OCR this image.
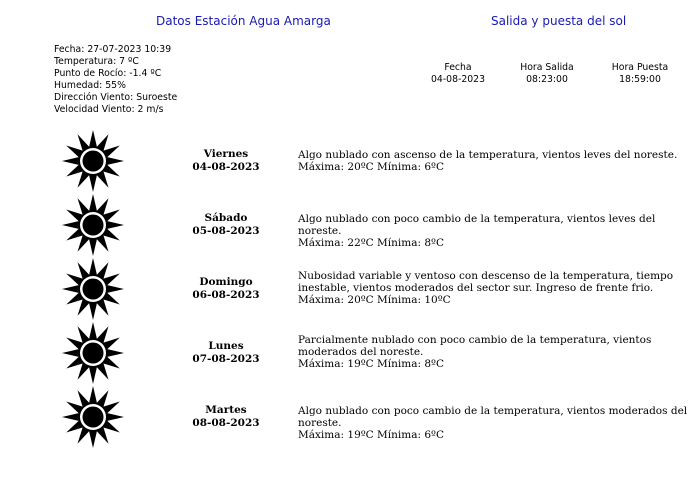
Datos Estación Agua Amarga	Salida y puesta del sol
Fecha: 27-07-2023 10:39
Temperatura: 7 ºC
Punto de Rocío: -1.4 ºC
Humedad: 55%
Dirección Viento: Suroeste
Velocidad Viento: 2 m/s
Fecha
04-08-2023
Hora Salida
08:23:00
Hora Puesta
18:59:00
Viernes
04-08-2023
Algo nublado con ascenso de la temperatura, vientos leves del noreste.
Máxima: 20ºC Mínima: 6ºC
Sábado
05-08-2023
Algo nublado con poco cambio de la temperatura, vientos leves del noreste.
Máxima: 22ºC Mínima: 8ºC
Domingo
06-08-2023
Nubosidad variable y ventoso con descenso de la temperatura, tiempo inestable, vientos moderados del sector sur. Ingreso de frente frio.
Máxima: 20ºC Mínima: 10ºC
Lunes
07-08-2023
Parcialmente nublado con poco cambio de la temperatura, vientos moderados del noreste.
Máxima: 19ºC Mínima: 8ºC
Martes
08-08-2023
Algo nublado con poco cambio de la temperatura, vientos moderados del noreste.
Máxima: 19ºC Mínima: 6ºC
